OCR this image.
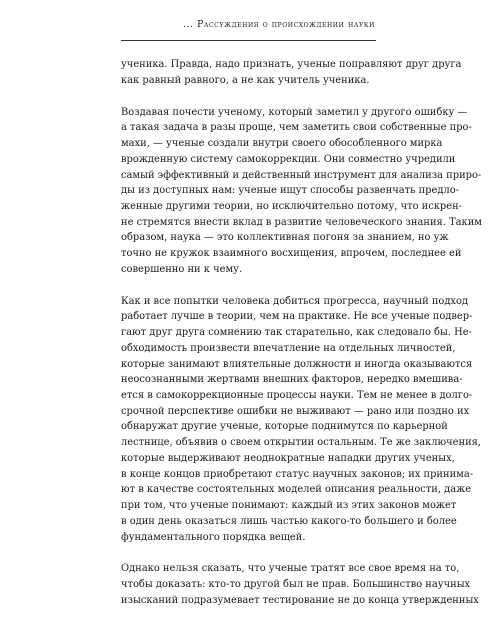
... Рассуждения о происхождении науки
ученика. Правда, надо признать, ученые поправляют друг друга
как равный равного, а не как учитель ученика.
Воздавая почести ученому, который заметил у другого ошибку —
а такая задача в разы проще, чем заметить свои собственные про-
махи, — ученые создали внутри своего обособленного мирка
врожденную систему самокоррекции. Они совместно учредили
самый эффективный и действенный инструмент для анализа приро-
ды из доступных нам: ученые ищут способы развенчать предло-
женные другими теории, но исключительно потому, что искрен-
не стремятся внести вклад в развитие человеческого знания. Таким
образом, наука — это коллективная погоня за знанием, но уж
точно не кружок взаимного восхищения, впрочем, последнее ей
совершенно ни к чему.
Как и все попытки человека добиться прогресса, научный подход
работает лучше в теории, чем на практике. Не все ученые подвер-
гают друг друга сомнению так старательно, как следовало бы. Не-
обходимость произвести впечатление на отдельных личностей,
которые занимают влиятельные должности и иногда оказываются
неосознанными жертвами внешних факторов, нередко вмешива-
ется в самокоррекционные процессы науки. Тем не менее в долго-
срочной перспективе ошибки не выживают — рано или поздно их
обнаружат другие ученые, которые поднимутся по карьерной
лестнице, объявив о своем открытии остальным. Те же заключения,
которые выдерживают неоднократные нападки других ученых,
в конце концов приобретают статус научных законов; их принима-
ют в качестве состоятельных моделей описания реальности, даже
при том, что ученые понимают: каждый из этих законов может
в один день оказаться лишь частью какого-то большего и более
фундаментального порядка вещей.
Однако нельзя сказать, что ученые тратят все свое время на то,
чтобы доказать: кто-то другой был не прав. Большинство научных
изысканий подразумевает тестирование не до конца утвержденных
